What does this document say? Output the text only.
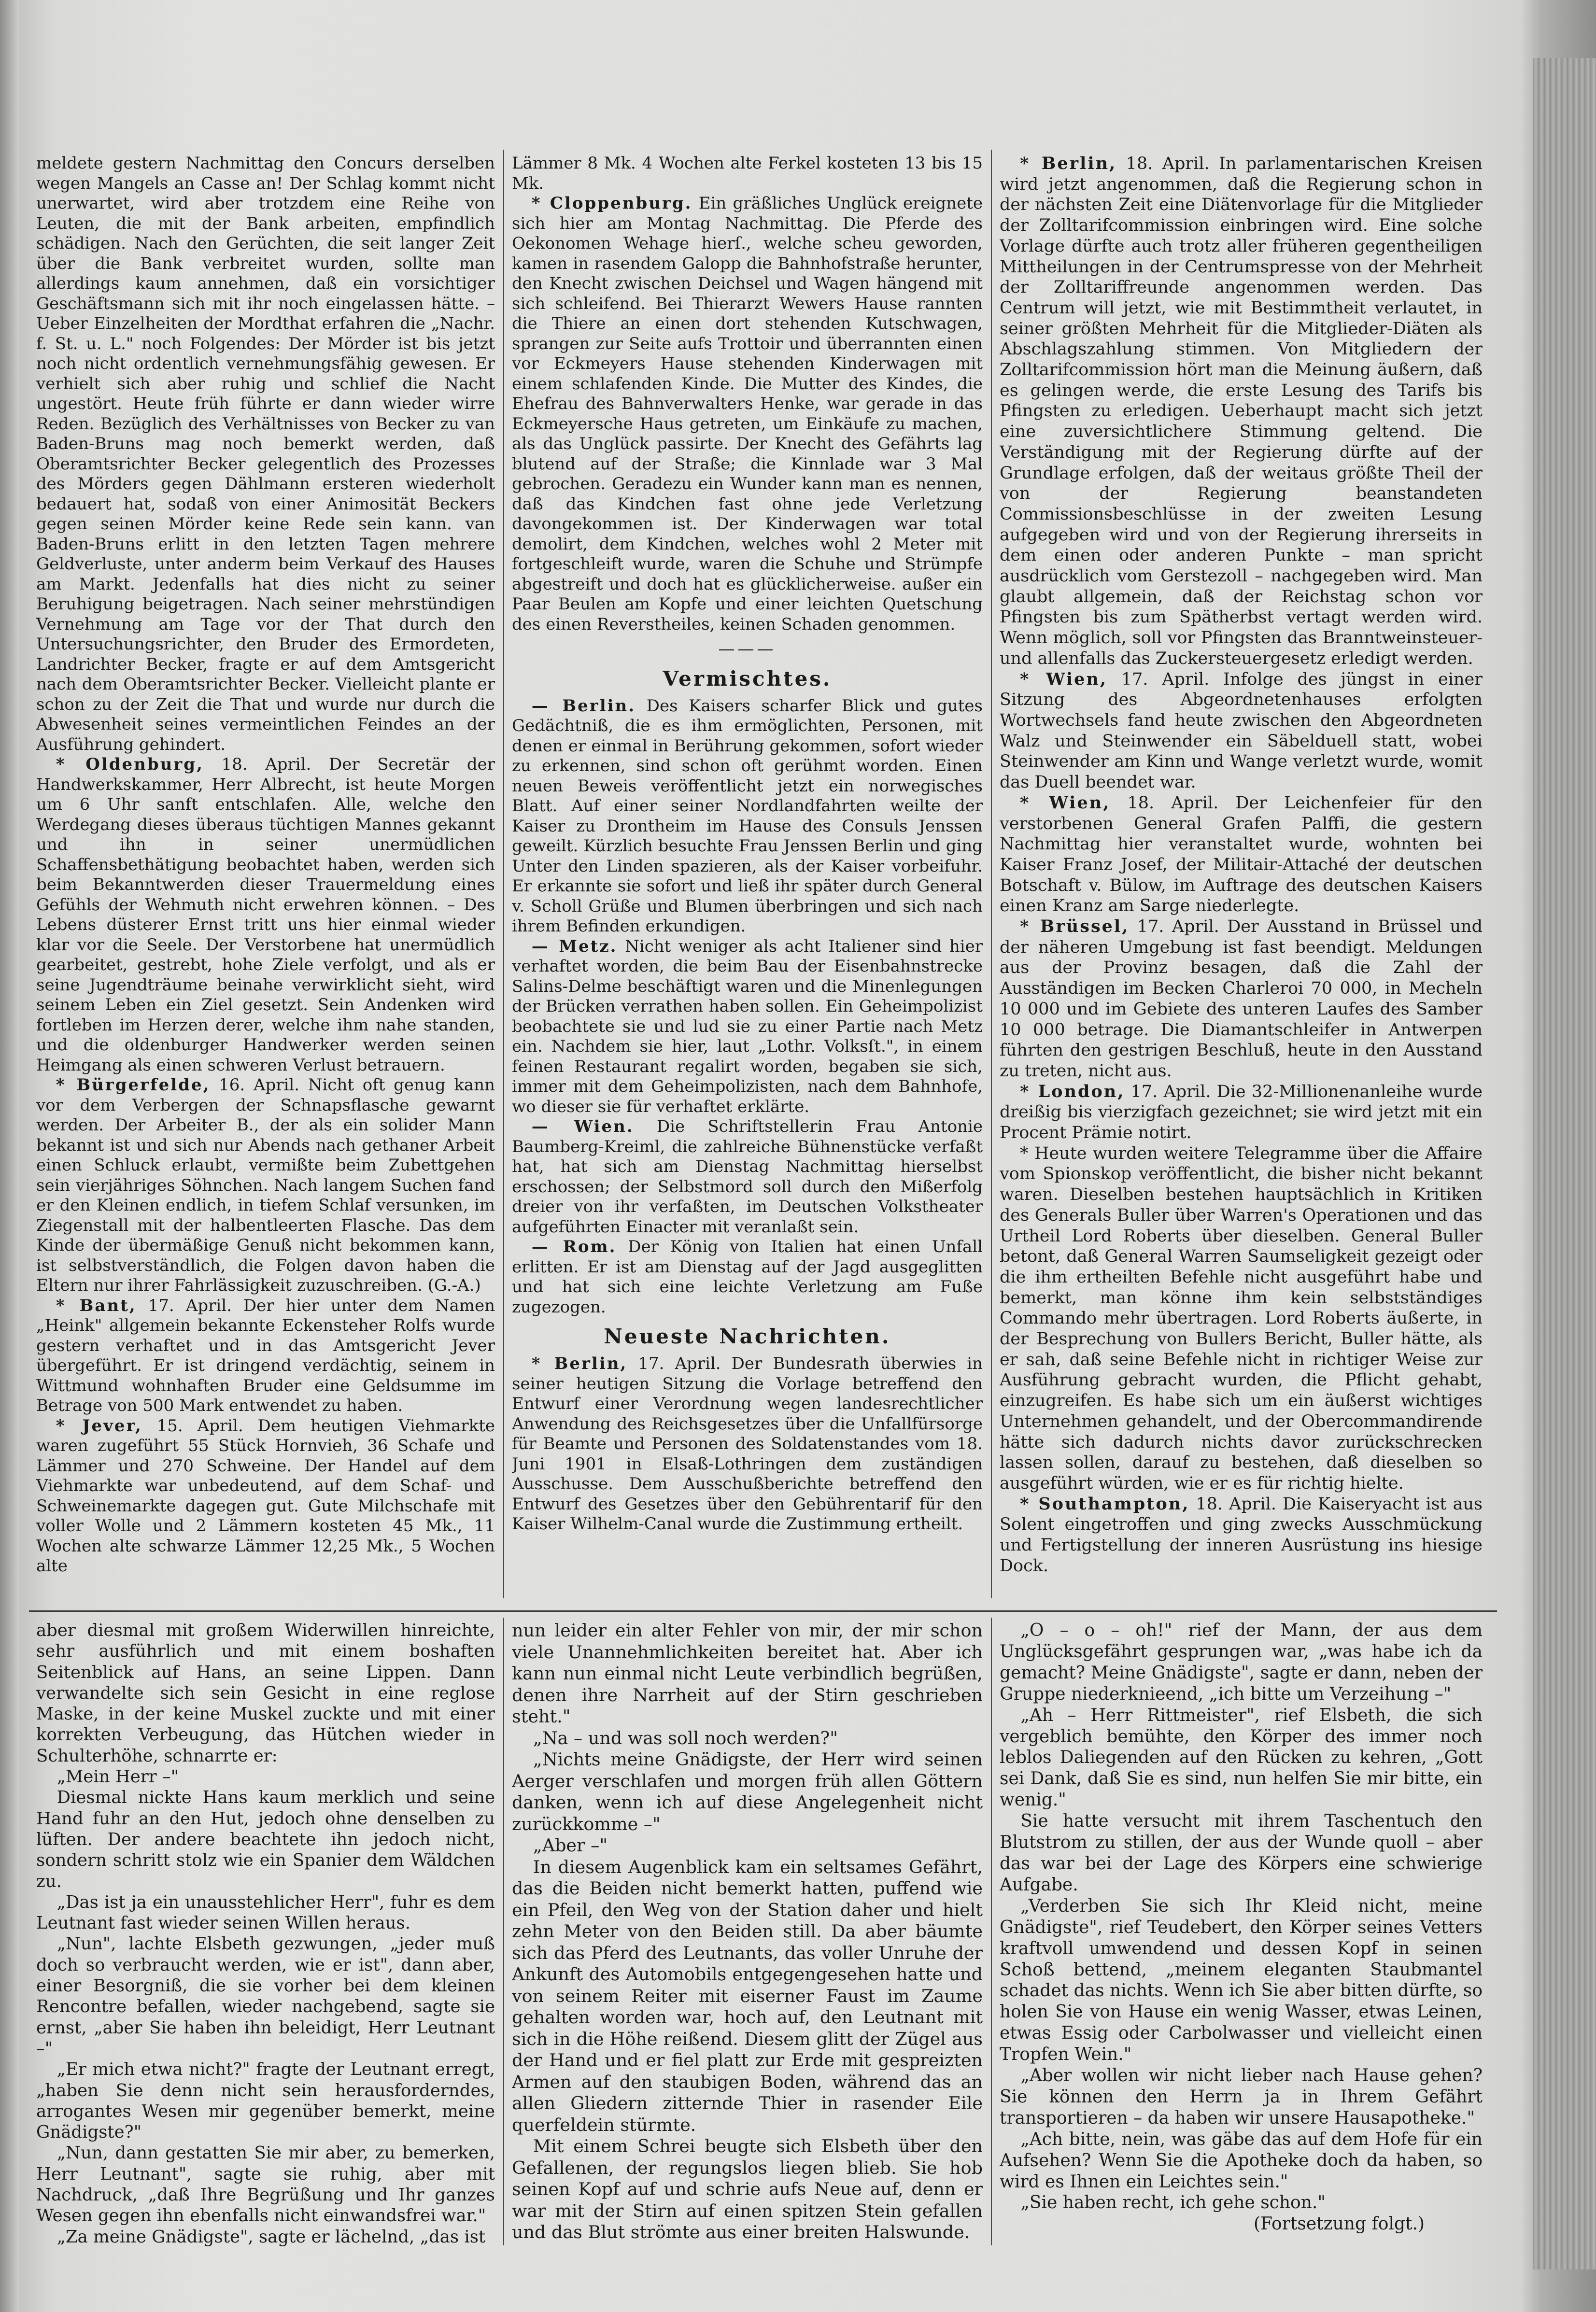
meldete gestern Nachmittag den Concurs derselben wegen Mangels an Casse an! Der Schlag kommt nicht unerwartet, wird aber trotzdem eine Reihe von Leuten, die mit der Bank arbeiten, empfindlich schädigen. Nach den Gerüchten, die seit langer Zeit über die Bank verbreitet wurden, sollte man allerdings kaum annehmen, daß ein vorsichtiger Geschäftsmann sich mit ihr noch eingelassen hätte. – Ueber Einzelheiten der Mordthat erfahren die „Nachr. f. St. u. L." noch Folgendes: Der Mörder ist bis jetzt noch nicht ordentlich vernehmungsfähig gewesen. Er verhielt sich aber ruhig und schlief die Nacht ungestört. Heute früh führte er dann wieder wirre Reden. Bezüglich des Verhältnisses von Becker zu van Baden-Bruns mag noch bemerkt werden, daß Oberamtsrichter Becker gelegentlich des Prozesses des Mörders gegen Dählmann ersteren wiederholt bedauert hat, sodaß von einer Animosität Beckers gegen seinen Mörder keine Rede sein kann. van Baden-Bruns erlitt in den letzten Tagen mehrere Geldverluste, unter anderm beim Verkauf des Hauses am Markt. Jedenfalls hat dies nicht zu seiner Beruhigung beigetragen. Nach seiner mehrstündigen Vernehmung am Tage vor der That durch den Untersuchungsrichter, den Bruder des Ermordeten, Landrichter Becker, fragte er auf dem Amtsgericht nach dem Oberamtsrichter Becker. Vielleicht plante er schon zu der Zeit die That und wurde nur durch die Abwesenheit seines vermeintlichen Feindes an der Ausführung gehindert.

* Oldenburg, 18. April. Der Secretär der Handwerkskammer, Herr Albrecht, ist heute Morgen um 6 Uhr sanft entschlafen. Alle, welche den Werdegang dieses überaus tüchtigen Mannes gekannt und ihn in seiner unermüdlichen Schaffensbethätigung beobachtet haben, werden sich beim Bekanntwerden dieser Trauermeldung eines Gefühls der Wehmuth nicht erwehren können. – Des Lebens düsterer Ernst tritt uns hier einmal wieder klar vor die Seele. Der Verstorbene hat unermüdlich gearbeitet, gestrebt, hohe Ziele verfolgt, und als er seine Jugendträume beinahe verwirklicht sieht, wird seinem Leben ein Ziel gesetzt. Sein Andenken wird fortleben im Herzen derer, welche ihm nahe standen, und die oldenburger Handwerker werden seinen Heimgang als einen schweren Verlust betrauern.

* Bürgerfelde, 16. April. Nicht oft genug kann vor dem Verbergen der Schnapsflasche gewarnt werden. Der Arbeiter B., der als ein solider Mann bekannt ist und sich nur Abends nach gethaner Arbeit einen Schluck erlaubt, vermißte beim Zubettgehen sein vierjähriges Söhnchen. Nach langem Suchen fand er den Kleinen endlich, in tiefem Schlaf versunken, im Ziegenstall mit der halbentleerten Flasche. Das dem Kinde der übermäßige Genuß nicht bekommen kann, ist selbstverständlich, die Folgen davon haben die Eltern nur ihrer Fahrlässigkeit zuzuschreiben. (G.-A.)

* Bant, 17. April. Der hier unter dem Namen „Heink" allgemein bekannte Eckensteher Rolfs wurde gestern verhaftet und in das Amtsgericht Jever übergeführt. Er ist dringend verdächtig, seinem in Wittmund wohnhaften Bruder eine Geldsumme im Betrage von 500 Mark entwendet zu haben.

* Jever, 15. April. Dem heutigen Viehmarkte waren zugeführt 55 Stück Hornvieh, 36 Schafe und Lämmer und 270 Schweine. Der Handel auf dem Viehmarkte war unbedeutend, auf dem Schaf- und Schweinemarkte dagegen gut. Gute Milchschafe mit voller Wolle und 2 Lämmern kosteten 45 Mk., 11 Wochen alte schwarze Lämmer 12,25 Mk., 5 Wochen alte

Lämmer 8 Mk. 4 Wochen alte Ferkel kosteten 13 bis 15 Mk.

* Cloppenburg. Ein gräßliches Unglück ereignete sich hier am Montag Nachmittag. Die Pferde des Oekonomen Wehage hierſ., welche scheu geworden, kamen in rasendem Galopp die Bahnhofstraße herunter, den Knecht zwischen Deichsel und Wagen hängend mit sich schleifend. Bei Thierarzt Wewers Hause rannten die Thiere an einen dort stehenden Kutschwagen, sprangen zur Seite aufs Trottoir und überrannten einen vor Eckmeyers Hause stehenden Kinderwagen mit einem schlafenden Kinde. Die Mutter des Kindes, die Ehefrau des Bahnverwalters Henke, war gerade in das Eckmeyersche Haus getreten, um Einkäufe zu machen, als das Unglück passirte. Der Knecht des Gefährts lag blutend auf der Straße; die Kinnlade war 3 Mal gebrochen. Geradezu ein Wunder kann man es nennen, daß das Kindchen fast ohne jede Verletzung davongekommen ist. Der Kinderwagen war total demolirt, dem Kindchen, welches wohl 2 Meter mit fortgeschleift wurde, waren die Schuhe und Strümpfe abgestreift und doch hat es glücklicherweise. außer ein Paar Beulen am Kopfe und einer leichten Quetschung des einen Reverstheiles, keinen Schaden genommen.

———
Vermischtes.

— Berlin. Des Kaisers scharfer Blick und gutes Gedächtniß, die es ihm ermöglichten, Personen, mit denen er einmal in Berührung gekommen, sofort wieder zu erkennen, sind schon oft gerühmt worden. Einen neuen Beweis veröffentlicht jetzt ein norwegisches Blatt. Auf einer seiner Nordlandfahrten weilte der Kaiser zu Drontheim im Hause des Consuls Jenssen geweilt. Kürzlich besuchte Frau Jenssen Berlin und ging Unter den Linden spazieren, als der Kaiser vorbeifuhr. Er erkannte sie sofort und ließ ihr später durch General v. Scholl Grüße und Blumen überbringen und sich nach ihrem Befinden erkundigen.

— Metz. Nicht weniger als acht Italiener sind hier verhaftet worden, die beim Bau der Eisenbahnstrecke Salins-Delme beschäftigt waren und die Minenlegungen der Brücken verrathen haben sollen. Ein Geheimpolizist beobachtete sie und lud sie zu einer Partie nach Metz ein. Nachdem sie hier, laut „Lothr. Volksſt.", in einem feinen Restaurant regalirt worden, begaben sie sich, immer mit dem Geheimpolizisten, nach dem Bahnhofe, wo dieser sie für verhaftet erklärte.

— Wien. Die Schriftstellerin Frau Antonie Baumberg-Kreiml, die zahlreiche Bühnenstücke verfaßt hat, hat sich am Dienstag Nachmittag hierselbst erschossen; der Selbstmord soll durch den Mißerfolg dreier von ihr verfaßten, im Deutschen Volkstheater aufgeführten Einacter mit veranlaßt sein.

— Rom. Der König von Italien hat einen Unfall erlitten. Er ist am Dienstag auf der Jagd ausgeglitten und hat sich eine leichte Verletzung am Fuße zugezogen.

Neueste Nachrichten.

* Berlin, 17. April. Der Bundesrath überwies in seiner heutigen Sitzung die Vorlage betreffend den Entwurf einer Verordnung wegen landesrechtlicher Anwendung des Reichsgesetzes über die Unfallfürsorge für Beamte und Personen des Soldatenstandes vom 18. Juni 1901 in Elsaß-Lothringen dem zuständigen Ausschusse. Dem Ausschußberichte betreffend den Entwurf des Gesetzes über den Gebührentarif für den Kaiser Wilhelm-Canal wurde die Zustimmung ertheilt.

* Berlin, 18. April. In parlamentarischen Kreisen wird jetzt angenommen, daß die Regierung schon in der nächsten Zeit eine Diätenvorlage für die Mitglieder der Zolltarifcommission einbringen wird. Eine solche Vorlage dürfte auch trotz aller früheren gegentheiligen Mittheilungen in der Centrumspresse von der Mehrheit der Zolltariffreunde angenommen werden. Das Centrum will jetzt, wie mit Bestimmtheit verlautet, in seiner größten Mehrheit für die Mitglieder-Diäten als Abschlagszahlung stimmen. Von Mitgliedern der Zolltarifcommission hört man die Meinung äußern, daß es gelingen werde, die erste Lesung des Tarifs bis Pfingsten zu erledigen. Ueberhaupt macht sich jetzt eine zuversichtlichere Stimmung geltend. Die Verständigung mit der Regierung dürfte auf der Grundlage erfolgen, daß der weitaus größte Theil der von der Regierung beanstandeten Commissionsbeschlüsse in der zweiten Lesung aufgegeben wird und von der Regierung ihrerseits in dem einen oder anderen Punkte – man spricht ausdrücklich vom Gerstezoll – nachgegeben wird. Man glaubt allgemein, daß der Reichstag schon vor Pfingsten bis zum Spätherbst vertagt werden wird. Wenn möglich, soll vor Pfingsten das Branntweinsteuer- und allenfalls das Zuckersteuergesetz erledigt werden.

* Wien, 17. April. Infolge des jüngst in einer Sitzung des Abgeordnetenhauses erfolgten Wortwechsels fand heute zwischen den Abgeordneten Walz und Steinwender ein Säbelduell statt, wobei Steinwender am Kinn und Wange verletzt wurde, womit das Duell beendet war.

* Wien, 18. April. Der Leichenfeier für den verstorbenen General Grafen Palffi, die gestern Nachmittag hier veranstaltet wurde, wohnten bei Kaiser Franz Josef, der Militair-Attaché der deutschen Botschaft v. Bülow, im Auftrage des deutschen Kaisers einen Kranz am Sarge niederlegte.

* Brüssel, 17. April. Der Ausstand in Brüssel und der näheren Umgebung ist fast beendigt. Meldungen aus der Provinz besagen, daß die Zahl der Ausständigen im Becken Charleroi 70 000, in Mecheln 10 000 und im Gebiete des unteren Laufes des Samber 10 000 betrage. Die Diamantschleifer in Antwerpen führten den gestrigen Beschluß, heute in den Ausstand zu treten, nicht aus.

* London, 17. April. Die 32-Millionenanleihe wurde dreißig bis vierzigfach gezeichnet; sie wird jetzt mit ein Procent Prämie notirt.

* Heute wurden weitere Telegramme über die Affaire vom Spionskop veröffentlicht, die bisher nicht bekannt waren. Dieselben bestehen hauptsächlich in Kritiken des Generals Buller über Warren's Operationen und das Urtheil Lord Roberts über dieselben. General Buller betont, daß General Warren Saumseligkeit gezeigt oder die ihm ertheilten Befehle nicht ausgeführt habe und bemerkt, man könne ihm kein selbstständiges Commando mehr übertragen. Lord Roberts äußerte, in der Besprechung von Bullers Bericht, Buller hätte, als er sah, daß seine Befehle nicht in richtiger Weise zur Ausführung gebracht wurden, die Pflicht gehabt, einzugreifen. Es habe sich um ein äußerst wichtiges Unternehmen gehandelt, und der Obercommandirende hätte sich dadurch nichts davor zurückschrecken lassen sollen, darauf zu bestehen, daß dieselben so ausgeführt würden, wie er es für richtig hielte.

* Southampton, 18. April. Die Kaiseryacht ist aus Solent eingetroffen und ging zwecks Ausschmückung und Fertigstellung der inneren Ausrüstung ins hiesige Dock.

aber diesmal mit großem Widerwillen hinreichte, sehr ausführlich und mit einem boshaften Seitenblick auf Hans, an seine Lippen. Dann verwandelte sich sein Gesicht in eine reglose Maske, in der keine Muskel zuckte und mit einer korrekten Verbeugung, das Hütchen wieder in Schulterhöhe, schnarrte er:

„Mein Herr –"

Diesmal nickte Hans kaum merklich und seine Hand fuhr an den Hut, jedoch ohne denselben zu lüften. Der andere beachtete ihn jedoch nicht, sondern schritt stolz wie ein Spanier dem Wäldchen zu.

„Das ist ja ein unausstehlicher Herr", fuhr es dem Leutnant fast wieder seinen Willen heraus.

„Nun", lachte Elsbeth gezwungen, „jeder muß doch so verbraucht werden, wie er ist", dann aber, einer Besorgniß, die sie vorher bei dem kleinen Rencontre befallen, wieder nachgebend, sagte sie ernst, „aber Sie haben ihn beleidigt, Herr Leutnant –"

„Er mich etwa nicht?" fragte der Leutnant erregt, „haben Sie denn nicht sein herausforderndes, arrogantes Wesen mir gegenüber bemerkt, meine Gnädigste?"

„Nun, dann gestatten Sie mir aber, zu bemerken, Herr Leutnant", sagte sie ruhig, aber mit Nachdruck, „daß Ihre Begrüßung und Ihr ganzes Wesen gegen ihn ebenfalls nicht einwandsfrei war."

„Za meine Gnädigste", sagte er lächelnd, „das ist

nun leider ein alter Fehler von mir, der mir schon viele Unannehmlichkeiten bereitet hat. Aber ich kann nun einmal nicht Leute verbindlich begrüßen, denen ihre Narrheit auf der Stirn geschrieben steht."

„Na – und was soll noch werden?"

„Nichts meine Gnädigste, der Herr wird seinen Aerger verschlafen und morgen früh allen Göttern danken, wenn ich auf diese Angelegenheit nicht zurückkomme –"

„Aber –"

In diesem Augenblick kam ein seltsames Gefährt, das die Beiden nicht bemerkt hatten, puffend wie ein Pfeil, den Weg von der Station daher und hielt zehn Meter von den Beiden still. Da aber bäumte sich das Pferd des Leutnants, das voller Unruhe der Ankunft des Automobils entgegengesehen hatte und von seinem Reiter mit eiserner Faust im Zaume gehalten worden war, hoch auf, den Leutnant mit sich in die Höhe reißend. Diesem glitt der Zügel aus der Hand und er fiel platt zur Erde mit gespreizten Armen auf den staubigen Boden, während das an allen Gliedern zitternde Thier in rasender Eile querfeldein stürmte.

Mit einem Schrei beugte sich Elsbeth über den Gefallenen, der regungslos liegen blieb. Sie hob seinen Kopf auf und schrie aufs Neue auf, denn er war mit der Stirn auf einen spitzen Stein gefallen und das Blut strömte aus einer breiten Halswunde.

„O – o – oh!" rief der Mann, der aus dem Unglücksgefährt gesprungen war, „was habe ich da gemacht? Meine Gnädigste", sagte er dann, neben der Gruppe niederknieend, „ich bitte um Verzeihung –"

„Ah – Herr Rittmeister", rief Elsbeth, die sich vergeblich bemühte, den Körper des immer noch leblos Daliegenden auf den Rücken zu kehren, „Gott sei Dank, daß Sie es sind, nun helfen Sie mir bitte, ein wenig."

Sie hatte versucht mit ihrem Taschentuch den Blutstrom zu stillen, der aus der Wunde quoll – aber das war bei der Lage des Körpers eine schwierige Aufgabe.

„Verderben Sie sich Ihr Kleid nicht, meine Gnädigste", rief Teudebert, den Körper seines Vetters kraftvoll umwendend und dessen Kopf in seinen Schoß bettend, „meinem eleganten Staubmantel schadet das nichts. Wenn ich Sie aber bitten dürfte, so holen Sie von Hause ein wenig Wasser, etwas Leinen, etwas Essig oder Carbolwasser und vielleicht einen Tropfen Wein."

„Aber wollen wir nicht lieber nach Hause gehen? Sie können den Herrn ja in Ihrem Gefährt transportieren – da haben wir unsere Hausapotheke."

„Ach bitte, nein, was gäbe das auf dem Hofe für ein Aufsehen? Wenn Sie die Apotheke doch da haben, so wird es Ihnen ein Leichtes sein."

„Sie haben recht, ich gehe schon."

(Fortsetzung folgt.)
